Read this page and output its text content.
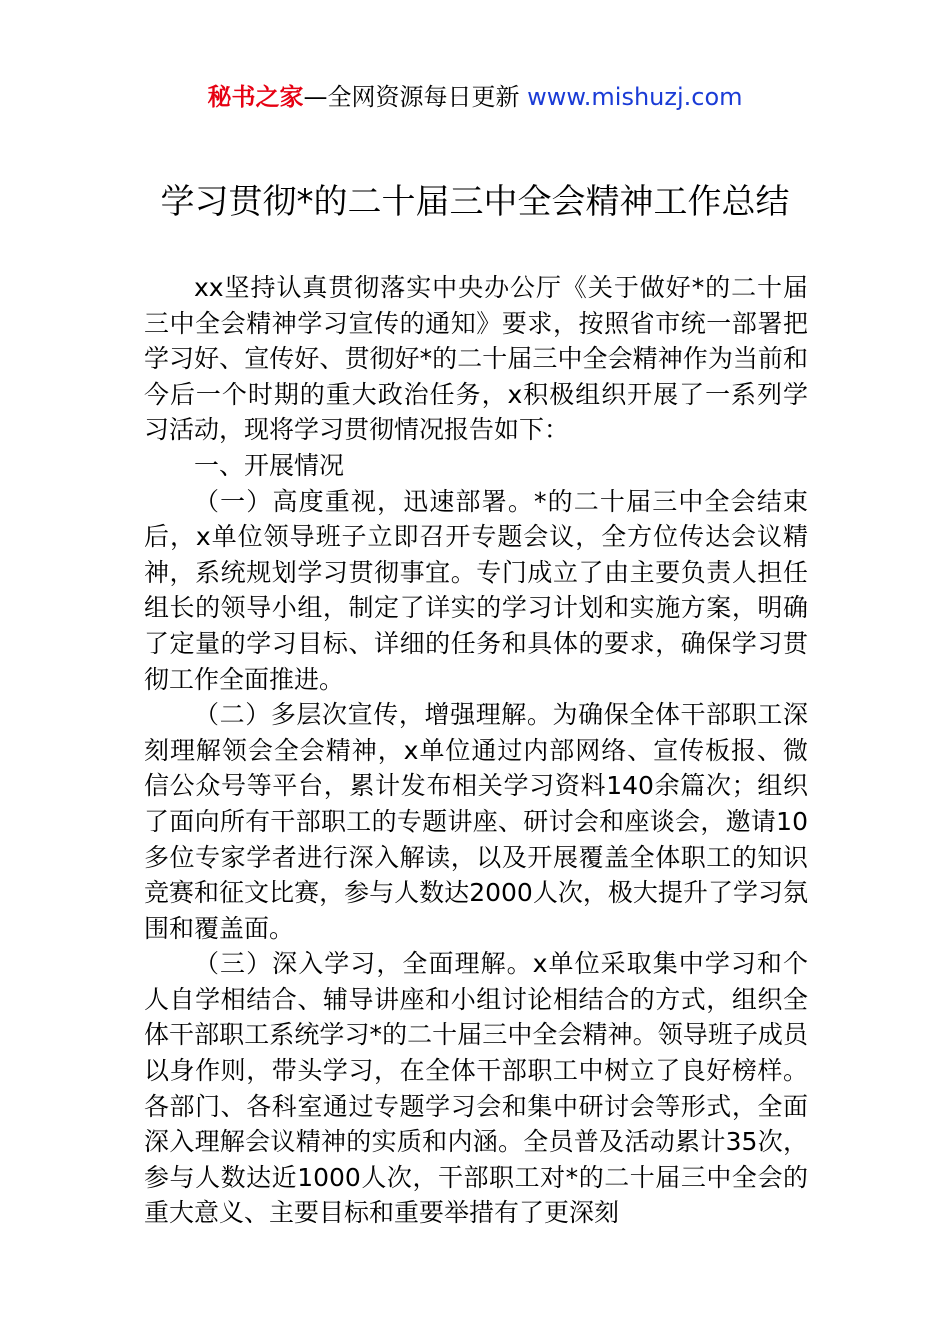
秘书之家—全网资源每日更新 www.mishuzj.com
学习贯彻*的二十届三中全会精神工作总结

xx坚持认真贯彻落实中央办公厅《关于做好*的二十届三中全会精神学习宣传的通知》要求，按照省市统一部署把学习好、宣传好、贯彻好*的二十届三中全会精神作为当前和今后一个时期的重大政治任务，x积极组织开展了一系列学习活动，现将学习贯彻情况报告如下：

一、开展情况

（一）高度重视，迅速部署。*的二十届三中全会结束后，x单位领导班子立即召开专题会议，全方位传达会议精神，系统规划学习贯彻事宜。专门成立了由主要负责人担任组长的领导小组，制定了详实的学习计划和实施方案，明确了定量的学习目标、详细的任务和具体的要求，确保学习贯彻工作全面推进。

（二）多层次宣传，增强理解。为确保全体干部职工深刻理解领会全会精神，x单位通过内部网络、宣传板报、微信公众号等平台，累计发布相关学习资料140余篇次；组织了面向所有干部职工的专题讲座、研讨会和座谈会，邀请10多位专家学者进行深入解读，以及开展覆盖全体职工的知识竞赛和征文比赛，参与人数达2000人次，极大提升了学习氛围和覆盖面。

（三）深入学习，全面理解。x单位采取集中学习和个人自学相结合、辅导讲座和小组讨论相结合的方式，组织全体干部职工系统学习*的二十届三中全会精神。领导班子成员以身作则，带头学习，在全体干部职工中树立了良好榜样。各部门、各科室通过专题学习会和集中研讨会等形式，全面深入理解会议精神的实质和内涵。全员普及活动累计35次，参与人数达近1000人次，干部职工对*的二十届三中全会的重大意义、主要目标和重要举措有了更深刻
